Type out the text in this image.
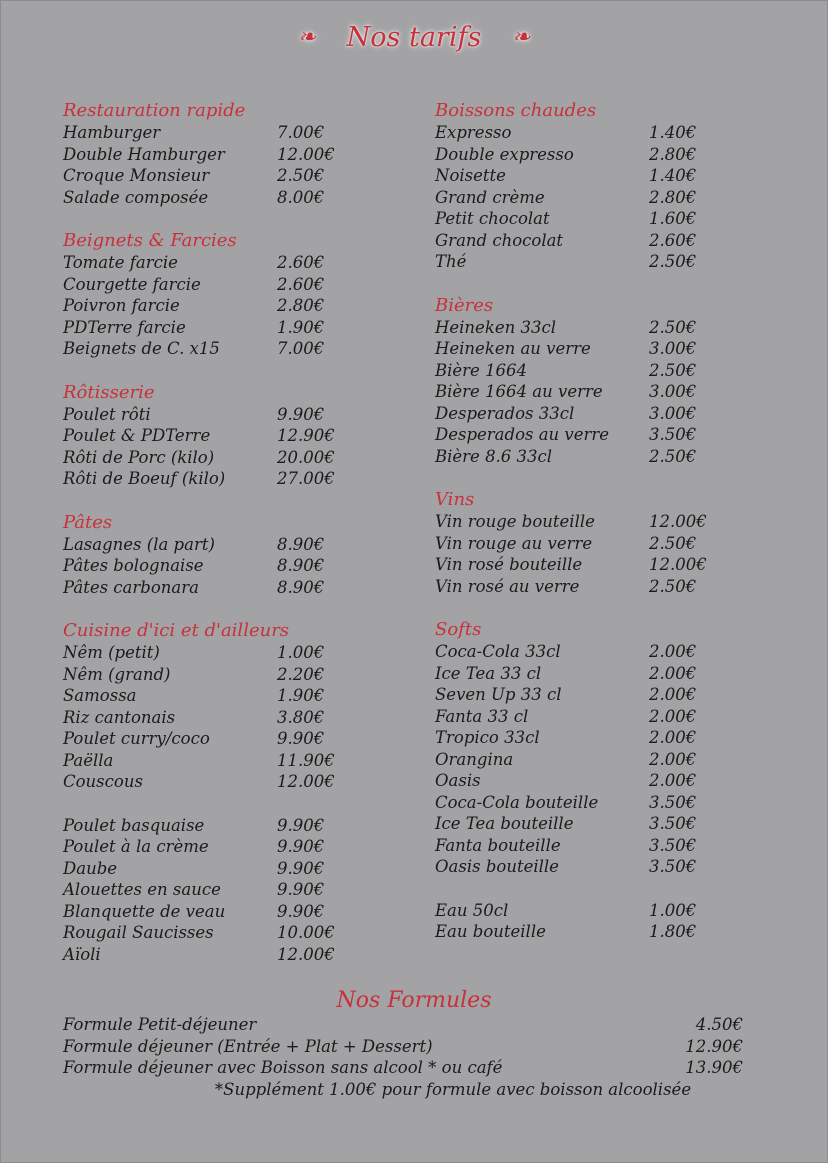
❧ Nos tarifs ❧
Restauration rapide
Hamburger	7.00€
Double Hamburger	12.00€
Croque Monsieur	2.50€
Salade composée	8.00€
Beignets & Farcies
Tomate farcie	2.60€
Courgette farcie	2.60€
Poivron farcie	2.80€
PDTerre farcie	1.90€
Beignets de C. x15	7.00€
Rôtisserie
Poulet rôti	9.90€
Poulet & PDTerre	12.90€
Rôti de Porc (kilo)	20.00€
Rôti de Boeuf (kilo)	27.00€
Pâtes
Lasagnes (la part)	8.90€
Pâtes bolognaise	8.90€
Pâtes carbonara	8.90€
Cuisine d'ici et d'ailleurs
Nêm (petit)	1.00€
Nêm (grand)	2.20€
Samossa	1.90€
Riz cantonais	3.80€
Poulet curry/coco	9.90€
Paëlla	11.90€
Couscous	12.00€
Poulet basquaise	9.90€
Poulet à la crème	9.90€
Daube	9.90€
Alouettes en sauce	9.90€
Blanquette de veau	9.90€
Rougail Saucisses	10.00€
Aïoli	12.00€
Boissons chaudes
Expresso	1.40€
Double expresso	2.80€
Noisette	1.40€
Grand crème	2.80€
Petit chocolat	1.60€
Grand chocolat	2.60€
Thé	2.50€
Bières
Heineken 33cl	2.50€
Heineken au verre	3.00€
Bière 1664	2.50€
Bière 1664 au verre	3.00€
Desperados 33cl	3.00€
Desperados au verre 3.50€
Bière 8.6 33cl	2.50€
Vins
Vin rouge bouteille	12.00€
Vin rouge au verre	2.50€
Vin rosé bouteille	12.00€
Vin rosé au verre	2.50€
Softs
Coca-Cola 33cl	2.00€
Ice Tea 33 cl	2.00€
Seven Up 33 cl	2.00€
Fanta 33 cl	2.00€
Tropico 33cl	2.00€
Orangina	2.00€
Oasis	2.00€
Coca-Cola bouteille	3.50€
Ice Tea bouteille	3.50€
Fanta bouteille	3.50€
Oasis bouteille	3.50€
Eau 50cl	1.00€
Eau bouteille	1.80€
Nos Formules
Formule Petit-déjeuner	4.50€
Formule déjeuner (Entrée + Plat + Dessert)	12.90€
Formule déjeuner avec Boisson sans alcool * ou café	13.90€
*Supplément 1.00€ pour formule avec boisson alcoolisée
